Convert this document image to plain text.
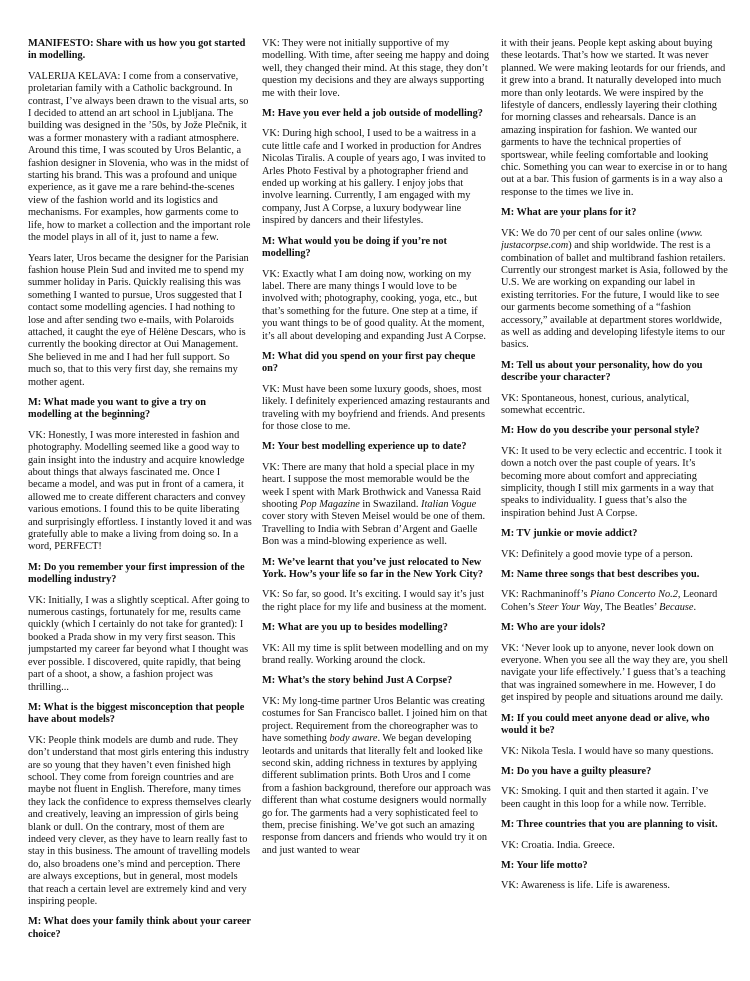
MANIFESTO: Share with us how you got started in modelling.

VALERIJA KELAVA: I come from a conservative, proletarian family with a Catholic background. In contrast, I’ve always been drawn to the visual arts, so I decided to attend an art school in Ljubljana. The building was designed in the ’50s, by Jože Plečnik, it was a former monastery with a radiant atmosphere. Around this time, I was scouted by Uros Belantic, a fashion designer in Slovenia, who was in the midst of starting his brand. This was a profound and unique experience, as it gave me a rare behind-the-scenes view of the fashion world and its logistics and mechanisms. For examples, how garments come to life, how to market a collection and the important role the model plays in all of it, just to name a few.

Years later, Uros became the designer for the Parisian fashion house Plein Sud and invited me to spend my summer holiday in Paris. Quickly realising this was something I wanted to pursue, Uros suggested that I contact some modelling agencies. I had nothing to lose and after sending two e-mails, with Polaroids attached, it caught the eye of Hélène Descars, who is currently the booking director at Oui Management. She believed in me and I had her full support. So much so, that to this very first day, she remains my mother agent.

M: What made you want to give a try on modelling at the beginning?

VK: Honestly, I was more interested in fashion and photography. Modelling seemed like a good way to gain insight into the industry and acquire knowledge about things that always fascinated me. Once I became a model, and was put in front of a camera, it allowed me to create different characters and convey various emotions. I found this to be quite liberating and surprisingly effortless. I instantly loved it and was gratefully able to make a living from doing so. In a word, PERFECT!

M: Do you remember your first impression of the modelling industry?

VK: Initially, I was a slightly sceptical. After going to numerous castings, fortunately for me, results came quickly (which I certainly do not take for granted): I booked a Prada show in my very first season. This jumpstarted my career far beyond what I thought was ever possible. I discovered, quite rapidly, that being part of a shoot, a show, a fashion project was thrilling...

M: What is the biggest misconception that people have about models?

VK: People think models are dumb and rude. They don’t understand that most girls entering this industry are so young that they haven’t even finished high school. They come from foreign countries and are maybe not fluent in English. Therefore, many times they lack the confidence to express themselves clearly and creatively, leaving an impression of girls being blank or dull. On the contrary, most of them are indeed very clever, as they have to learn really fast to stay in this business. The amount of travelling models do, also broadens one’s mind and perception. There are always exceptions, but in general, most models that reach a certain level are extremely kind and very inspiring people.

M: What does your family think about your career choice?

VK: They were not initially supportive of my modelling. With time, after seeing me happy and doing well, they changed their mind. At this stage, they don’t question my decisions and they are always supporting me with their love.

M: Have you ever held a job outside of modelling?

VK: During high school, I used to be a waitress in a cute little cafe and I worked in production for Andres Nicolas Tiralis. A couple of years ago, I was invited to Arles Photo Festival by a photographer friend and ended up working at his gallery. I enjoy jobs that involve learning. Currently, I am engaged with my company, Just A Corpse, a luxury bodywear line inspired by dancers and their lifestyles.

M: What would you be doing if you’re not modelling?

VK: Exactly what I am doing now, working on my label. There are many things I would love to be involved with; photography, cooking, yoga, etc., but that’s something for the future. One step at a time, if you want things to be of good quality. At the moment, it’s all about developing and expanding Just A Corpse.

M: What did you spend on your first pay cheque on?

VK: Must have been some luxury goods, shoes, most likely. I definitely experienced amazing restaurants and traveling with my boyfriend and friends. And presents for those close to me.

M: Your best modelling experience up to date?

VK: There are many that hold a special place in my heart. I suppose the most memorable would be the week I spent with Mark Brothwick and Vanessa Raid shooting Pop Magazine in Swaziland. Italian Vogue cover story with Steven Meisel would be one of them. Travelling to India with Sebran d’Argent and Gaelle Bon was a mind-blowing experience as well.

M: We’ve learnt that you’ve just relocated to New York. How’s your life so far in the New York City?

VK: So far, so good. It’s exciting. I would say it’s just the right place for my life and business at the moment.

M: What are you up to besides modelling?

VK: All my time is split between modelling and on my brand really. Working around the clock.

M: What’s the story behind Just A Corpse?

VK: My long-time partner Uros Belantic was creating costumes for San Francisco ballet. I joined him on that project. Requirement from the choreographer was to have something body aware. We began developing leotards and unitards that literally felt and looked like second skin, adding richness in textures by applying different sublimation prints. Both Uros and I come from a fashion background, therefore our approach was different than what costume designers would normally go for. The garments had a very sophisticated feel to them, precise finishing. We’ve got such an amazing response from dancers and friends who would try it on and just wanted to wear

it with their jeans. People kept asking about buying these leotards. That’s how we started. It was never planned. We were making leotards for our friends, and it grew into a brand. It naturally developed into much more than only leotards. We were inspired by the lifestyle of dancers, endlessly layering their clothing for morning classes and rehearsals. Dance is an amazing inspiration for fashion. We wanted our garments to have the technical properties of sportswear, while feeling comfortable and looking chic. Something you can wear to exercise in or to hang out at a bar. This fusion of garments is in a way also a response to the times we live in.

M: What are your plans for it?

VK: We do 70 per cent of our sales online (www. justacorpse.com) and ship worldwide. The rest is a combination of ballet and multibrand fashion retailers. Currently our strongest market is Asia, followed by the U.S. We are working on expanding our label in existing territories. For the future, I would like to see our garments become something of a “fashion accessory,” available at department stores worldwide, as well as adding and developing lifestyle items to our basics.

M: Tell us about your personality, how do you describe your character?

VK: Spontaneous, honest, curious, analytical, somewhat eccentric.

M: How do you describe your personal style?

VK: It used to be very eclectic and eccentric. I took it down a notch over the past couple of years. It’s becoming more about comfort and appreciating simplicity, though I still mix garments in a way that speaks to individuality. I guess that’s also the inspiration behind Just A Corpse.

M: TV junkie or movie addict?

VK: Definitely a good movie type of a person.

M: Name three songs that best describes you.

VK: Rachmaninoff’s Piano Concerto No.2, Leonard Cohen’s Steer Your Way, The Beatles’ Because.

M: Who are your idols?

VK: ‘Never look up to anyone, never look down on everyone. When you see all the way they are, you shell navigate your life effectively.’ I guess that’s a teaching that was ingrained somewhere in me. However, I do get inspired by people and situations around me daily.

M: If you could meet anyone dead or alive, who would it be?

VK: Nikola Tesla. I would have so many questions.

M: Do you have a guilty pleasure?

VK: Smoking. I quit and then started it again. I’ve been caught in this loop for a while now. Terrible.

M: Three countries that you are planning to visit.

VK: Croatia. India. Greece.

M: Your life motto?

VK: Awareness is life. Life is awareness.
